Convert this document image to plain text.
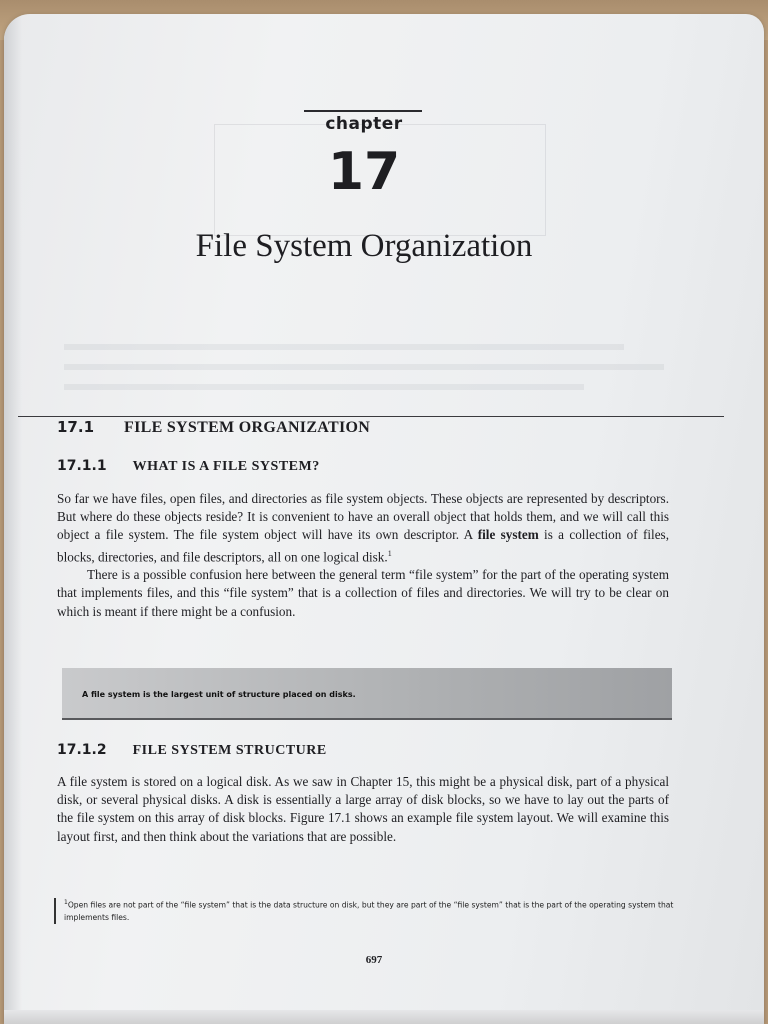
chapter
17
File System Organization
17.1 FILE SYSTEM ORGANIZATION
17.1.1 WHAT IS A FILE SYSTEM?

So far we have files, open files, and directories as file system objects. These objects are represented by descriptors. But where do these objects reside? It is convenient to have an overall object that holds them, and we will call this object a file system. The file system object will have its own descriptor. A file system is a collection of files, blocks, directories, and file descriptors, all on one logical disk.$^1$

There is a possible confusion here between the general term “file system” for the part of the operating system that implements files, and this “file system” that is a collection of files and directories. We will try to be clear on which is meant if there might be a confusion.

A file system is the largest unit of structure placed on disks.
17.1.2 FILE SYSTEM STRUCTURE

A file system is stored on a logical disk. As we saw in Chapter 15, this might be a physical disk, part of a physical disk, or several physical disks. A disk is essentially a large array of disk blocks, so we have to lay out the parts of the file system on this array of disk blocks. Figure 17.1 shows an example file system layout. We will examine this layout first, and then think about the variations that are possible.

$^1$Open files are not part of the “file system” that is the data structure on disk, but they are part of the “file system” that is the part of the operating system that implements files.
697
